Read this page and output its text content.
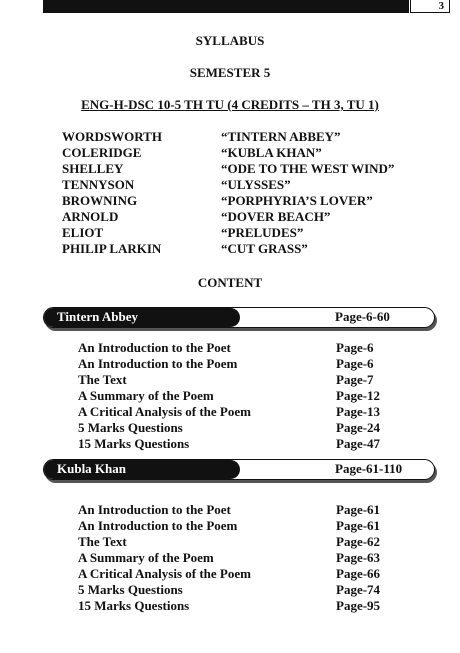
3
SYLLABUS
SEMESTER 5
ENG-H-DSC 10-5 TH TU (4 CREDITS – TH 3, TU 1)
WORDSWORTH	“TINTERN ABBEY”
COLERIDGE	“KUBLA KHAN”
SHELLEY	“ODE TO THE WEST WIND”
TENNYSON	“ULYSSES”
BROWNING	“PORPHYRIA’S LOVER”
ARNOLD	“DOVER BEACH”
ELIOT	“PRELUDES”
PHILIP LARKIN	“CUT GRASS”
CONTENT
Tintern Abbey	Page-6-60
An Introduction to the Poet	Page-6
An Introduction to the Poem	Page-6
The Text	Page-7
A Summary of the Poem	Page-12
A Critical Analysis of the Poem	Page-13
5 Marks Questions	Page-24
15 Marks Questions	Page-47
Kubla Khan	Page-61-110
An Introduction to the Poet	Page-61
An Introduction to the Poem	Page-61
The Text	Page-62
A Summary of the Poem	Page-63
A Critical Analysis of the Poem	Page-66
5 Marks Questions	Page-74
15 Marks Questions	Page-95
